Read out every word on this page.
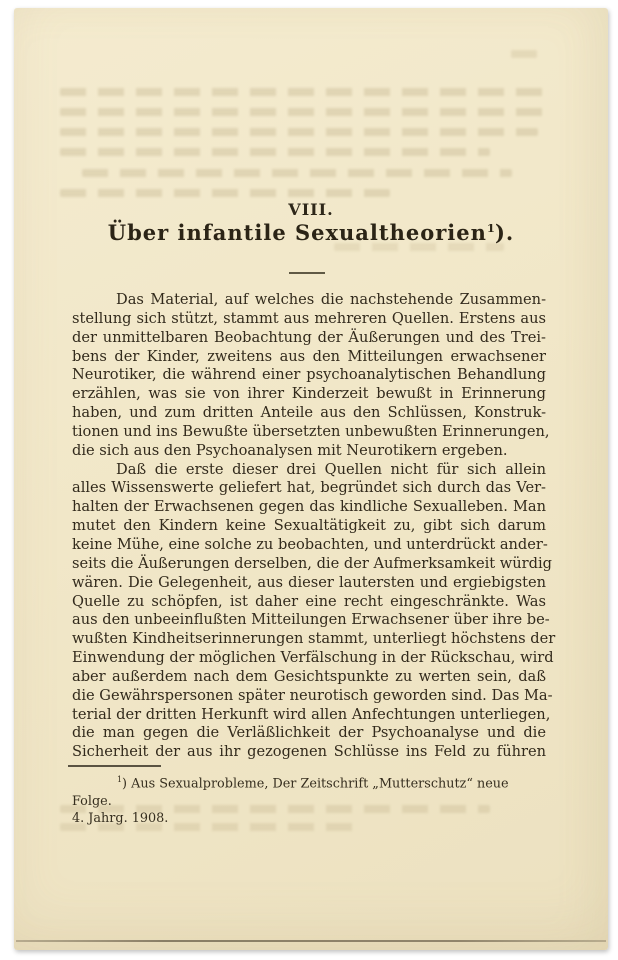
VIII.
Über infantile Sexualtheorien$^1$).
Das Material, auf welches die nachstehende Zusammen-
stellung sich stützt, stammt aus mehreren Quellen. Erstens aus
der unmittelbaren Beobachtung der Äußerungen und des Trei-
bens der Kinder, zweitens aus den Mitteilungen erwachsener
Neurotiker, die während einer psychoanalytischen Behandlung
erzählen, was sie von ihrer Kinderzeit bewußt in Erinnerung
haben, und zum dritten Anteile aus den Schlüssen, Konstruk-
tionen und ins Bewußte übersetzten unbewußten Erinnerungen,
die sich aus den Psychoanalysen mit Neurotikern ergeben.
Daß die erste dieser drei Quellen nicht für sich allein
alles Wissenswerte geliefert hat, begründet sich durch das Ver-
halten der Erwachsenen gegen das kindliche Sexualleben. Man
mutet den Kindern keine Sexualtätigkeit zu, gibt sich darum
keine Mühe, eine solche zu beobachten, und unterdrückt ander-
seits die Äußerungen derselben, die der Aufmerksamkeit würdig
wären. Die Gelegenheit, aus dieser lautersten und ergiebigsten
Quelle zu schöpfen, ist daher eine recht eingeschränkte. Was
aus den unbeeinflußten Mitteilungen Erwachsener über ihre be-
wußten Kindheitserinnerungen stammt, unterliegt höchstens der
Einwendung der möglichen Verfälschung in der Rückschau, wird
aber außerdem nach dem Gesichtspunkte zu werten sein, daß
die Gewährspersonen später neurotisch geworden sind. Das Ma-
terial der dritten Herkunft wird allen Anfechtungen unterliegen,
die man gegen die Verläßlichkeit der Psychoanalyse und die
Sicherheit der aus ihr gezogenen Schlüsse ins Feld zu führen
$^1$) Aus Sexualprobleme, Der Zeitschrift „Mutterschutz“ neue Folge.
4. Jahrg. 1908.
